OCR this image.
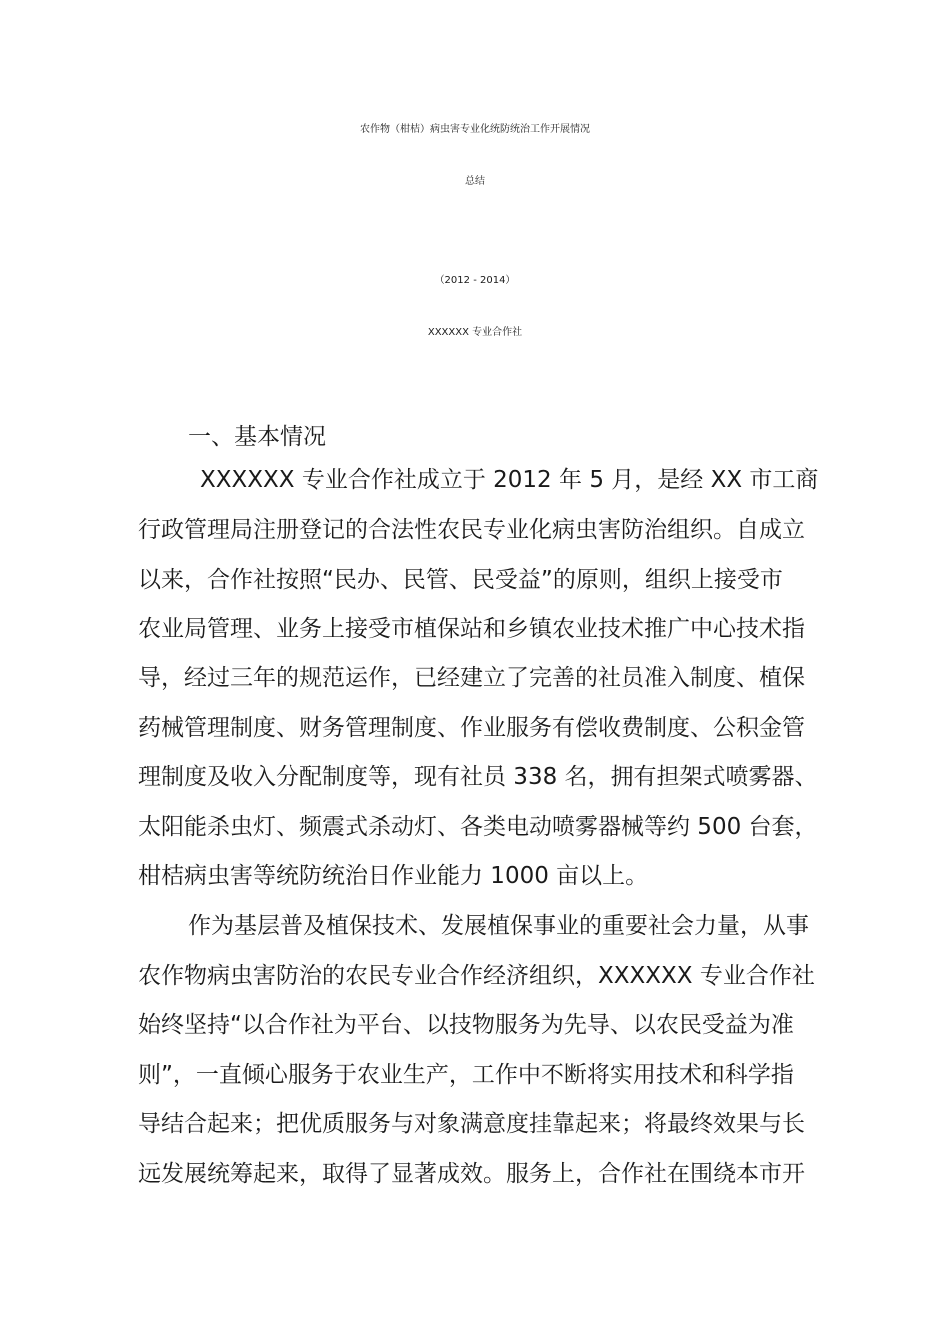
农作物（柑桔）病虫害专业化统防统治工作开展情况
总结
（2012 - 2014）
XXXXXX 专业合作社
一、基本情况
XXXXXX 专业合作社成立于 2012 年 5 月，是经 XX 市工商
行政管理局注册登记的合法性农民专业化病虫害防治组织。自成立
以来，合作社按照“民办、民管、民受益”的原则，组织上接受市
农业局管理、业务上接受市植保站和乡镇农业技术推广中心技术指
导，经过三年的规范运作，已经建立了完善的社员准入制度、植保
药械管理制度、财务管理制度、作业服务有偿收费制度、公积金管
理制度及收入分配制度等，现有社员 338 名，拥有担架式喷雾器、
太阳能杀虫灯、频震式杀动灯、各类电动喷雾器械等约 500 台套，
柑桔病虫害等统防统治日作业能力 1000 亩以上。
作为基层普及植保技术、发展植保事业的重要社会力量，从事
农作物病虫害防治的农民专业合作经济组织，XXXXXX 专业合作社
始终坚持“以合作社为平台、以技物服务为先导、以农民受益为准
则”，一直倾心服务于农业生产，工作中不断将实用技术和科学指
导结合起来；把优质服务与对象满意度挂靠起来；将最终效果与长
远发展统筹起来，取得了显著成效。服务上，合作社在围绕本市开
